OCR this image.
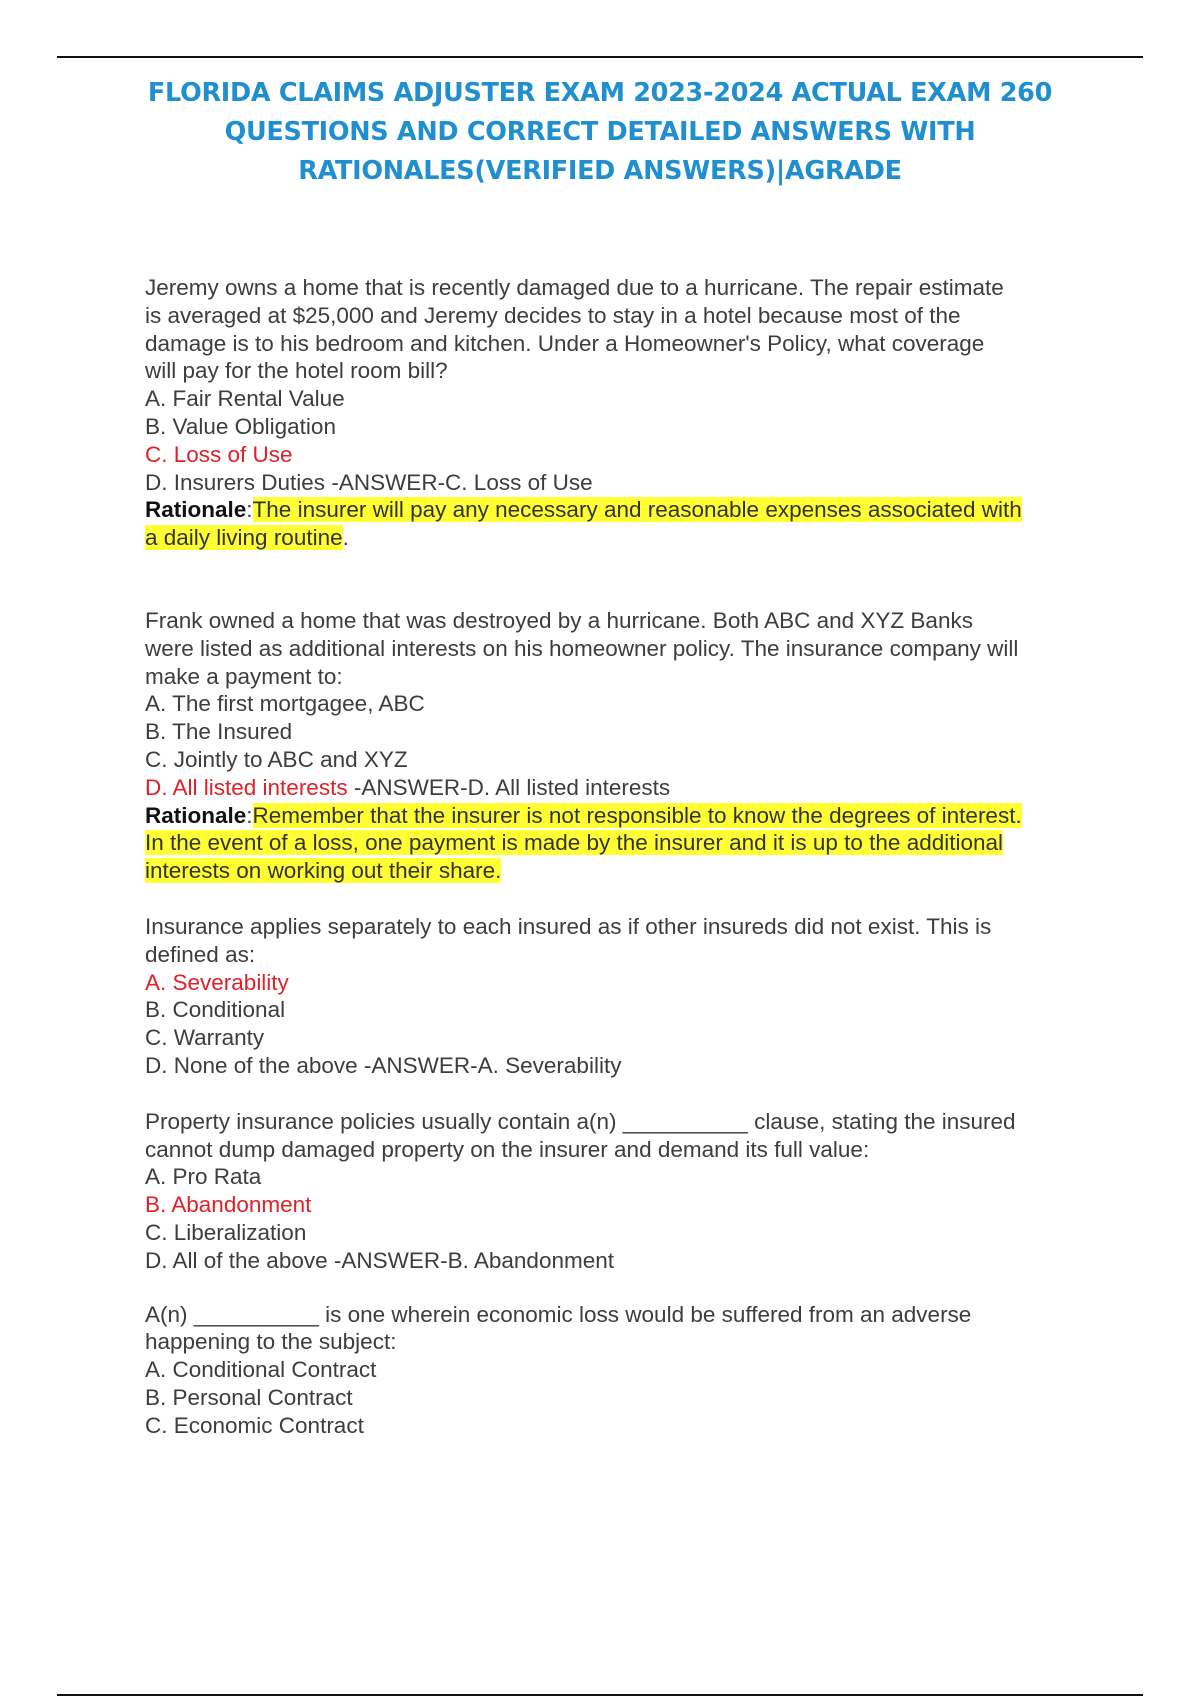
FLORIDA CLAIMS ADJUSTER EXAM 2023-2024 ACTUAL EXAM 260
QUESTIONS AND CORRECT DETAILED ANSWERS WITH
RATIONALES(VERIFIED ANSWERS)|AGRADE
Jeremy owns a home that is recently damaged due to a hurricane. The repair estimate
is averaged at $25,000 and Jeremy decides to stay in a hotel because most of the
damage is to his bedroom and kitchen. Under a Homeowner's Policy, what coverage
will pay for the hotel room bill?
A. Fair Rental Value
B. Value Obligation
C. Loss of Use
D. Insurers Duties -ANSWER-C. Loss of Use
Rationale:The insurer will pay any necessary and reasonable expenses associated with
a daily living routine.
Frank owned a home that was destroyed by a hurricane. Both ABC and XYZ Banks
were listed as additional interests on his homeowner policy. The insurance company will
make a payment to:
A. The first mortgagee, ABC
B. The Insured
C. Jointly to ABC and XYZ
D. All listed interests -ANSWER-D. All listed interests
Rationale:Remember that the insurer is not responsible to know the degrees of interest.
In the event of a loss, one payment is made by the insurer and it is up to the additional
interests on working out their share.
Insurance applies separately to each insured as if other insureds did not exist. This is
defined as:
A. Severability
B. Conditional
C. Warranty
D. None of the above -ANSWER-A. Severability
Property insurance policies usually contain a(n) __________ clause, stating the insured
cannot dump damaged property on the insurer and demand its full value:
A. Pro Rata
B. Abandonment
C. Liberalization
D. All of the above -ANSWER-B. Abandonment
A(n) __________ is one wherein economic loss would be suffered from an adverse
happening to the subject:
A. Conditional Contract
B. Personal Contract
C. Economic Contract
